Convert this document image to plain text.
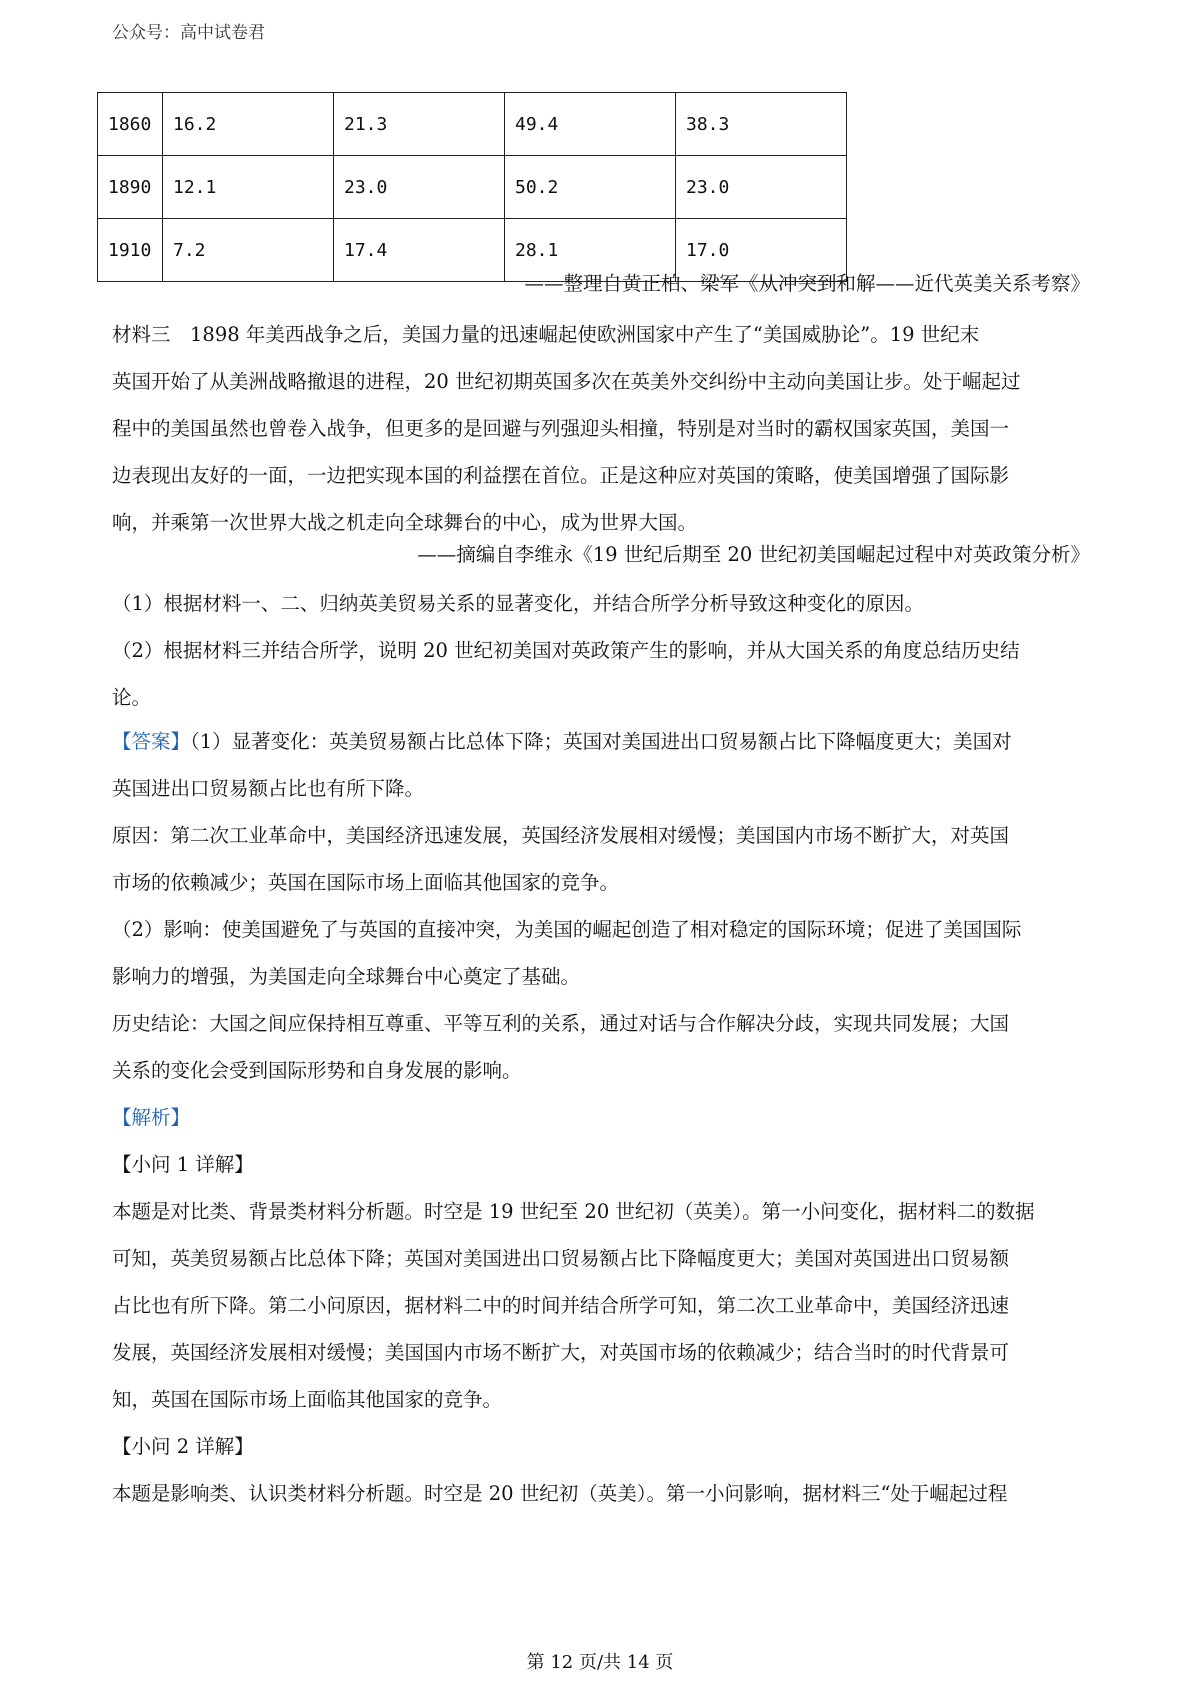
公众号：高中试卷君
1860	16.2	21.3	49.4	38.3
1890	12.1	23.0	50.2	23.0
1910	7.2	17.4	28.1	17.0
——整理自黄正柏、梁军《从冲突到和解——近代英美关系考察》
材料三　1898 年美西战争之后，美国力量的迅速崛起使欧洲国家中产生了“美国威胁论”。19 世纪末
英国开始了从美洲战略撤退的进程，20 世纪初期英国多次在英美外交纠纷中主动向美国让步。处于崛起过
程中的美国虽然也曾卷入战争，但更多的是回避与列强迎头相撞，特别是对当时的霸权国家英国，美国一
边表现出友好的一面，一边把实现本国的利益摆在首位。正是这种应对英国的策略，使美国增强了国际影
响，并乘第一次世界大战之机走向全球舞台的中心，成为世界大国。
——摘编自李维永《19 世纪后期至 20 世纪初美国崛起过程中对英政策分析》
（1）根据材料一、二、归纳英美贸易关系的显著变化，并结合所学分析导致这种变化的原因。
（2）根据材料三并结合所学，说明 20 世纪初美国对英政策产生的影响，并从大国关系的角度总结历史结
论。
【答案】（1）显著变化：英美贸易额占比总体下降；英国对美国进出口贸易额占比下降幅度更大；美国对
英国进出口贸易额占比也有所下降。
原因：第二次工业革命中，美国经济迅速发展，英国经济发展相对缓慢；美国国内市场不断扩大，对英国
市场的依赖减少；英国在国际市场上面临其他国家的竞争。
（2）影响：使美国避免了与英国的直接冲突，为美国的崛起创造了相对稳定的国际环境；促进了美国国际
影响力的增强，为美国走向全球舞台中心奠定了基础。
历史结论：大国之间应保持相互尊重、平等互利的关系，通过对话与合作解决分歧，实现共同发展；大国
关系的变化会受到国际形势和自身发展的影响。
【解析】
【小问 1 详解】
本题是对比类、背景类材料分析题。时空是 19 世纪至 20 世纪初（英美）。第一小问变化，据材料二的数据
可知，英美贸易额占比总体下降；英国对美国进出口贸易额占比下降幅度更大；美国对英国进出口贸易额
占比也有所下降。第二小问原因，据材料二中的时间并结合所学可知，第二次工业革命中，美国经济迅速
发展，英国经济发展相对缓慢；美国国内市场不断扩大，对英国市场的依赖减少；结合当时的时代背景可
知，英国在国际市场上面临其他国家的竞争。
【小问 2 详解】
本题是影响类、认识类材料分析题。时空是 20 世纪初（英美）。第一小问影响，据材料三“处于崛起过程
第 12 页/共 14 页
